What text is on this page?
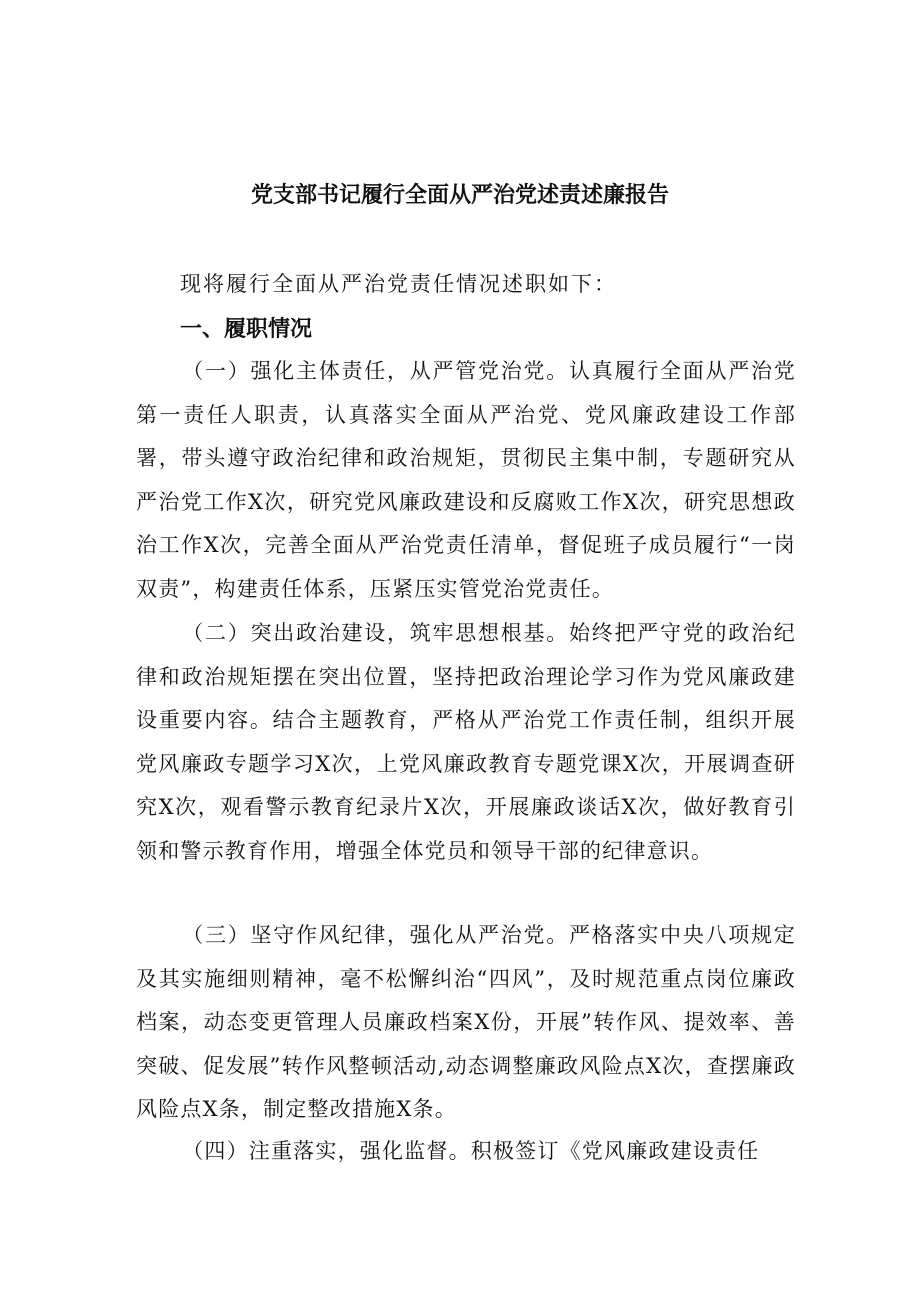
党支部书记履行全面从严治党述责述廉报告
现将履行全面从严治党责任情况述职如下：
一、履职情况

（一）强化主体责任，从严管党治党。认真履行全面从严治党第一责任人职责，认真落实全面从严治党、党风廉政建设工作部署，带头遵守政治纪律和政治规矩，贯彻民主集中制，专题研究从严治党工作X次，研究党风廉政建设和反腐败工作X次，研究思想政治工作X次，完善全面从严治党责任清单，督促班子成员履行“一岗双责”，构建责任体系，压紧压实管党治党责任。

（二）突出政治建设，筑牢思想根基。始终把严守党的政治纪律和政治规矩摆在突出位置，坚持把政治理论学习作为党风廉政建设重要内容。结合主题教育，严格从严治党工作责任制，组织开展党风廉政专题学习X次，上党风廉政教育专题党课X次，开展调查研究X次，观看警示教育纪录片X次，开展廉政谈话X次，做好教育引领和警示教育作用，增强全体党员和领导干部的纪律意识。

（三）坚守作风纪律，强化从严治党。严格落实中央八项规定及其实施细则精神，毫不松懈纠治“四风”，及时规范重点岗位廉政档案，动态变更管理人员廉政档案X份，开展”转作风、提效率、善突破、促发展”转作风整顿活动,动态调整廉政风险点X次，查摆廉政风险点X条，制定整改措施X条。

（四）注重落实，强化监督。积极签订《党风廉政建设责任
